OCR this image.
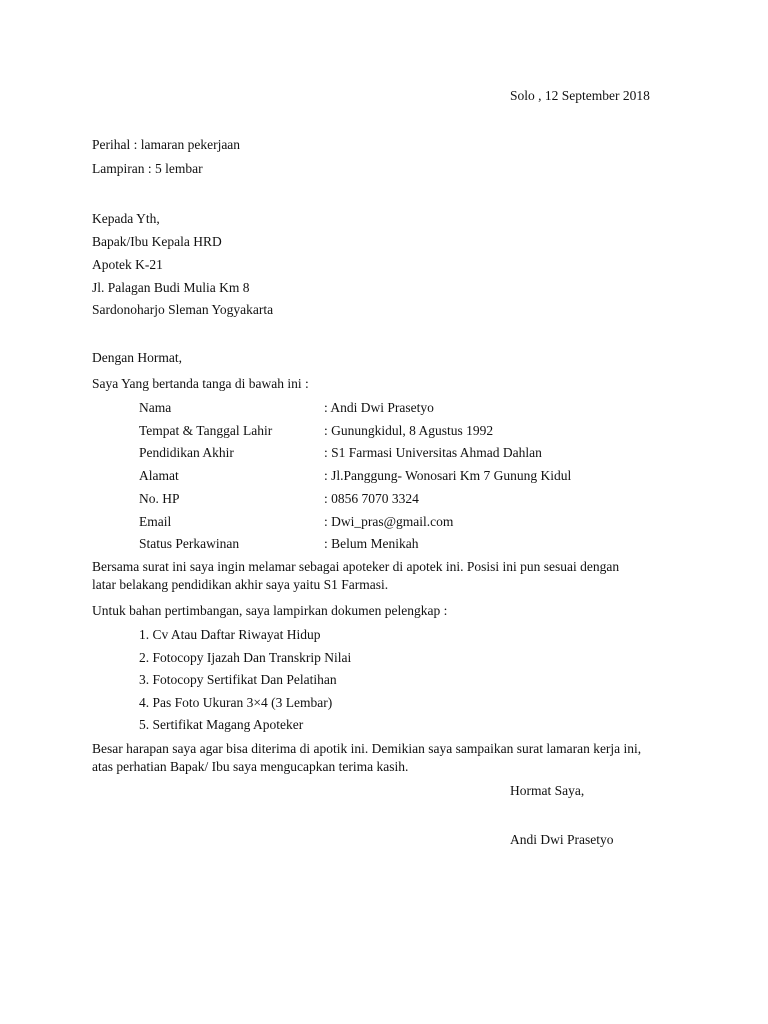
Solo , 12 September 2018
Perihal : lamaran pekerjaan
Lampiran : 5 lembar
Kepada Yth,
Bapak/Ibu Kepala HRD
Apotek K-21
Jl. Palagan Budi Mulia Km 8
Sardonoharjo Sleman Yogyakarta
Dengan Hormat,
Saya Yang bertanda tanga di bawah ini :
Nama	: Andi Dwi Prasetyo
Tempat & Tanggal Lahir	: Gunungkidul, 8 Agustus 1992
Pendidikan Akhir	: S1 Farmasi Universitas Ahmad Dahlan
Alamat	: Jl.Panggung- Wonosari Km 7 Gunung Kidul
No. HP	: 0856 7070 3324
Email	: Dwi_pras@gmail.com
Status Perkawinan	: Belum Menikah
Bersama surat ini saya ingin melamar sebagai apoteker di apotek ini. Posisi ini pun sesuai dengan
latar belakang pendidikan akhir saya yaitu S1 Farmasi.
Untuk bahan pertimbangan, saya lampirkan dokumen pelengkap :
1. Cv Atau Daftar Riwayat Hidup
2. Fotocopy Ijazah Dan Transkrip Nilai
3. Fotocopy Sertifikat Dan Pelatihan
4. Pas Foto Ukuran 3×4 (3 Lembar)
5. Sertifikat Magang Apoteker
Besar harapan saya agar bisa diterima di apotik ini. Demikian saya sampaikan surat lamaran kerja ini,
atas perhatian Bapak/ Ibu saya mengucapkan terima kasih.
Hormat Saya,
Andi Dwi Prasetyo
